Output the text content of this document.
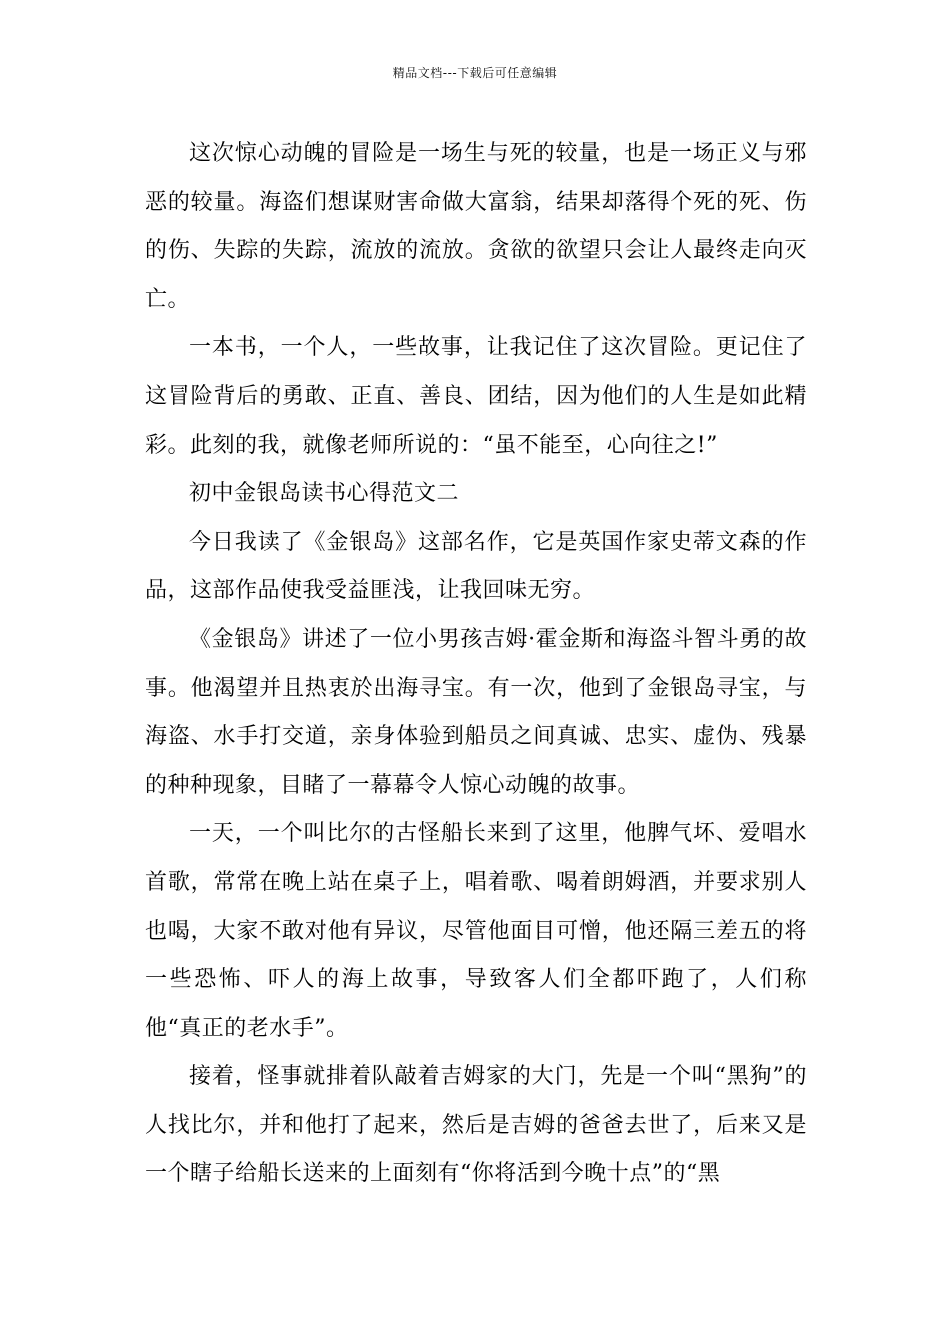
精品文档---下载后可任意编辑

这次惊心动魄的冒险是一场生与死的较量，也是一场正义与邪恶的较量。海盗们想谋财害命做大富翁，结果却落得个死的死、伤的伤、失踪的失踪，流放的流放。贪欲的欲望只会让人最终走向灭亡。

一本书，一个人，一些故事，让我记住了这次冒险。更记住了这冒险背后的勇敢、正直、善良、团结，因为他们的人生是如此精彩。此刻的我，就像老师所说的：“虽不能至，心向往之!”

初中金银岛读书心得范文二

今日我读了《金银岛》这部名作，它是英国作家史蒂文森的作品，这部作品使我受益匪浅，让我回味无穷。

《金银岛》讲述了一位小男孩吉姆·霍金斯和海盗斗智斗勇的故事。他渴望并且热衷於出海寻宝。有一次，他到了金银岛寻宝，与海盗、水手打交道，亲身体验到船员之间真诚、忠实、虚伪、残暴的种种现象，目睹了一幕幕令人惊心动魄的故事。

一天，一个叫比尔的古怪船长来到了这里，他脾气坏、爱唱水首歌，常常在晚上站在桌子上，唱着歌、喝着朗姆酒，并要求别人也喝，大家不敢对他有异议，尽管他面目可憎，他还隔三差五的将一些恐怖、吓人的海上故事，导致客人们全都吓跑了，人们称他“真正的老水手”。

接着，怪事就排着队敲着吉姆家的大门，先是一个叫“黑狗”的人找比尔，并和他打了起来，然后是吉姆的爸爸去世了，后来又是一个瞎子给船长送来的上面刻有“你将活到今晚十点”的“黑
